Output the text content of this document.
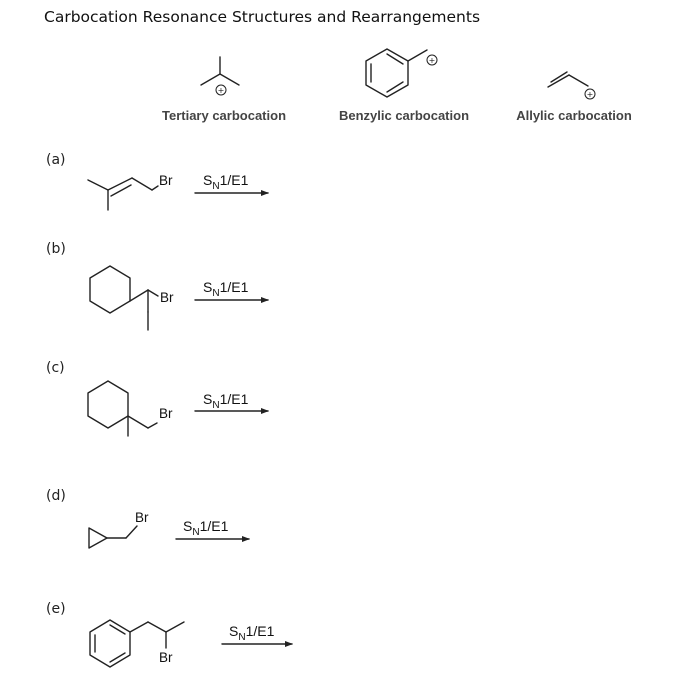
Carbocation Resonance Structures and Rearrangements
+
Tertiary carbocation
+
Benzylic carbocation
+
Allylic carbocation
(a)
Br $S_N1/E1$
(b)
Br
$S_N1/E1$
(c)
Br
$S_N1/E1$
(d)
Br
$S_N1/E1$
(e)
Br
$S_N1/E1$
